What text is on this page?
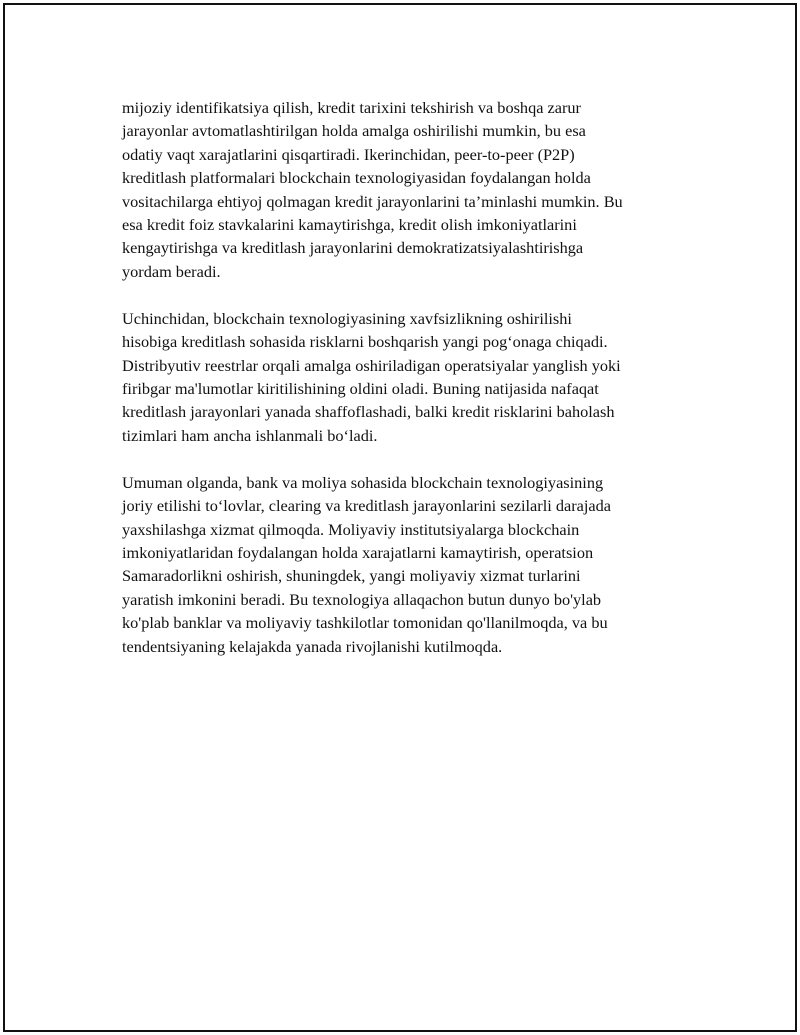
mijoziy identifikatsiya qilish, kredit tarixini tekshirish va boshqa zarur
jarayonlar avtomatlashtirilgan holda amalga oshirilishi mumkin, bu esa
odatiy vaqt xarajatlarini qisqartiradi. Ikerinchidan, peer-to-peer (P2P)
kreditlash platformalari blockchain texnologiyasidan foydalangan holda
vositachilarga ehtiyoj qolmagan kredit jarayonlarini ta’minlashi mumkin. Bu
esa kredit foiz stavkalarini kamaytirishga, kredit olish imkoniyatlarini
kengaytirishga va kreditlash jarayonlarini demokratizatsiyalashtirishga
yordam beradi.

Uchinchidan, blockchain texnologiyasining xavfsizlikning oshirilishi
hisobiga kreditlash sohasida risklarni boshqarish yangi pog‘onaga chiqadi.
Distribyutiv reestrlar orqali amalga oshiriladigan operatsiyalar yanglish yoki
firibgar ma'lumotlar kiritilishining oldini oladi. Buning natijasida nafaqat
kreditlash jarayonlari yanada shaffoflashadi, balki kredit risklarini baholash
tizimlari ham ancha ishlanmali bo‘ladi.

Umuman olganda, bank va moliya sohasida blockchain texnologiyasining
joriy etilishi to‘lovlar, clearing va kreditlash jarayonlarini sezilarli darajada
yaxshilashga xizmat qilmoqda. Moliyaviy institutsiyalarga blockchain
imkoniyatlaridan foydalangan holda xarajatlarni kamaytirish, operatsion
Samaradorlikni oshirish, shuningdek, yangi moliyaviy xizmat turlarini
yaratish imkonini beradi. Bu texnologiya allaqachon butun dunyo bo'ylab
ko'plab banklar va moliyaviy tashkilotlar tomonidan qo'llanilmoqda, va bu
tendentsiyaning kelajakda yanada rivojlanishi kutilmoqda.
